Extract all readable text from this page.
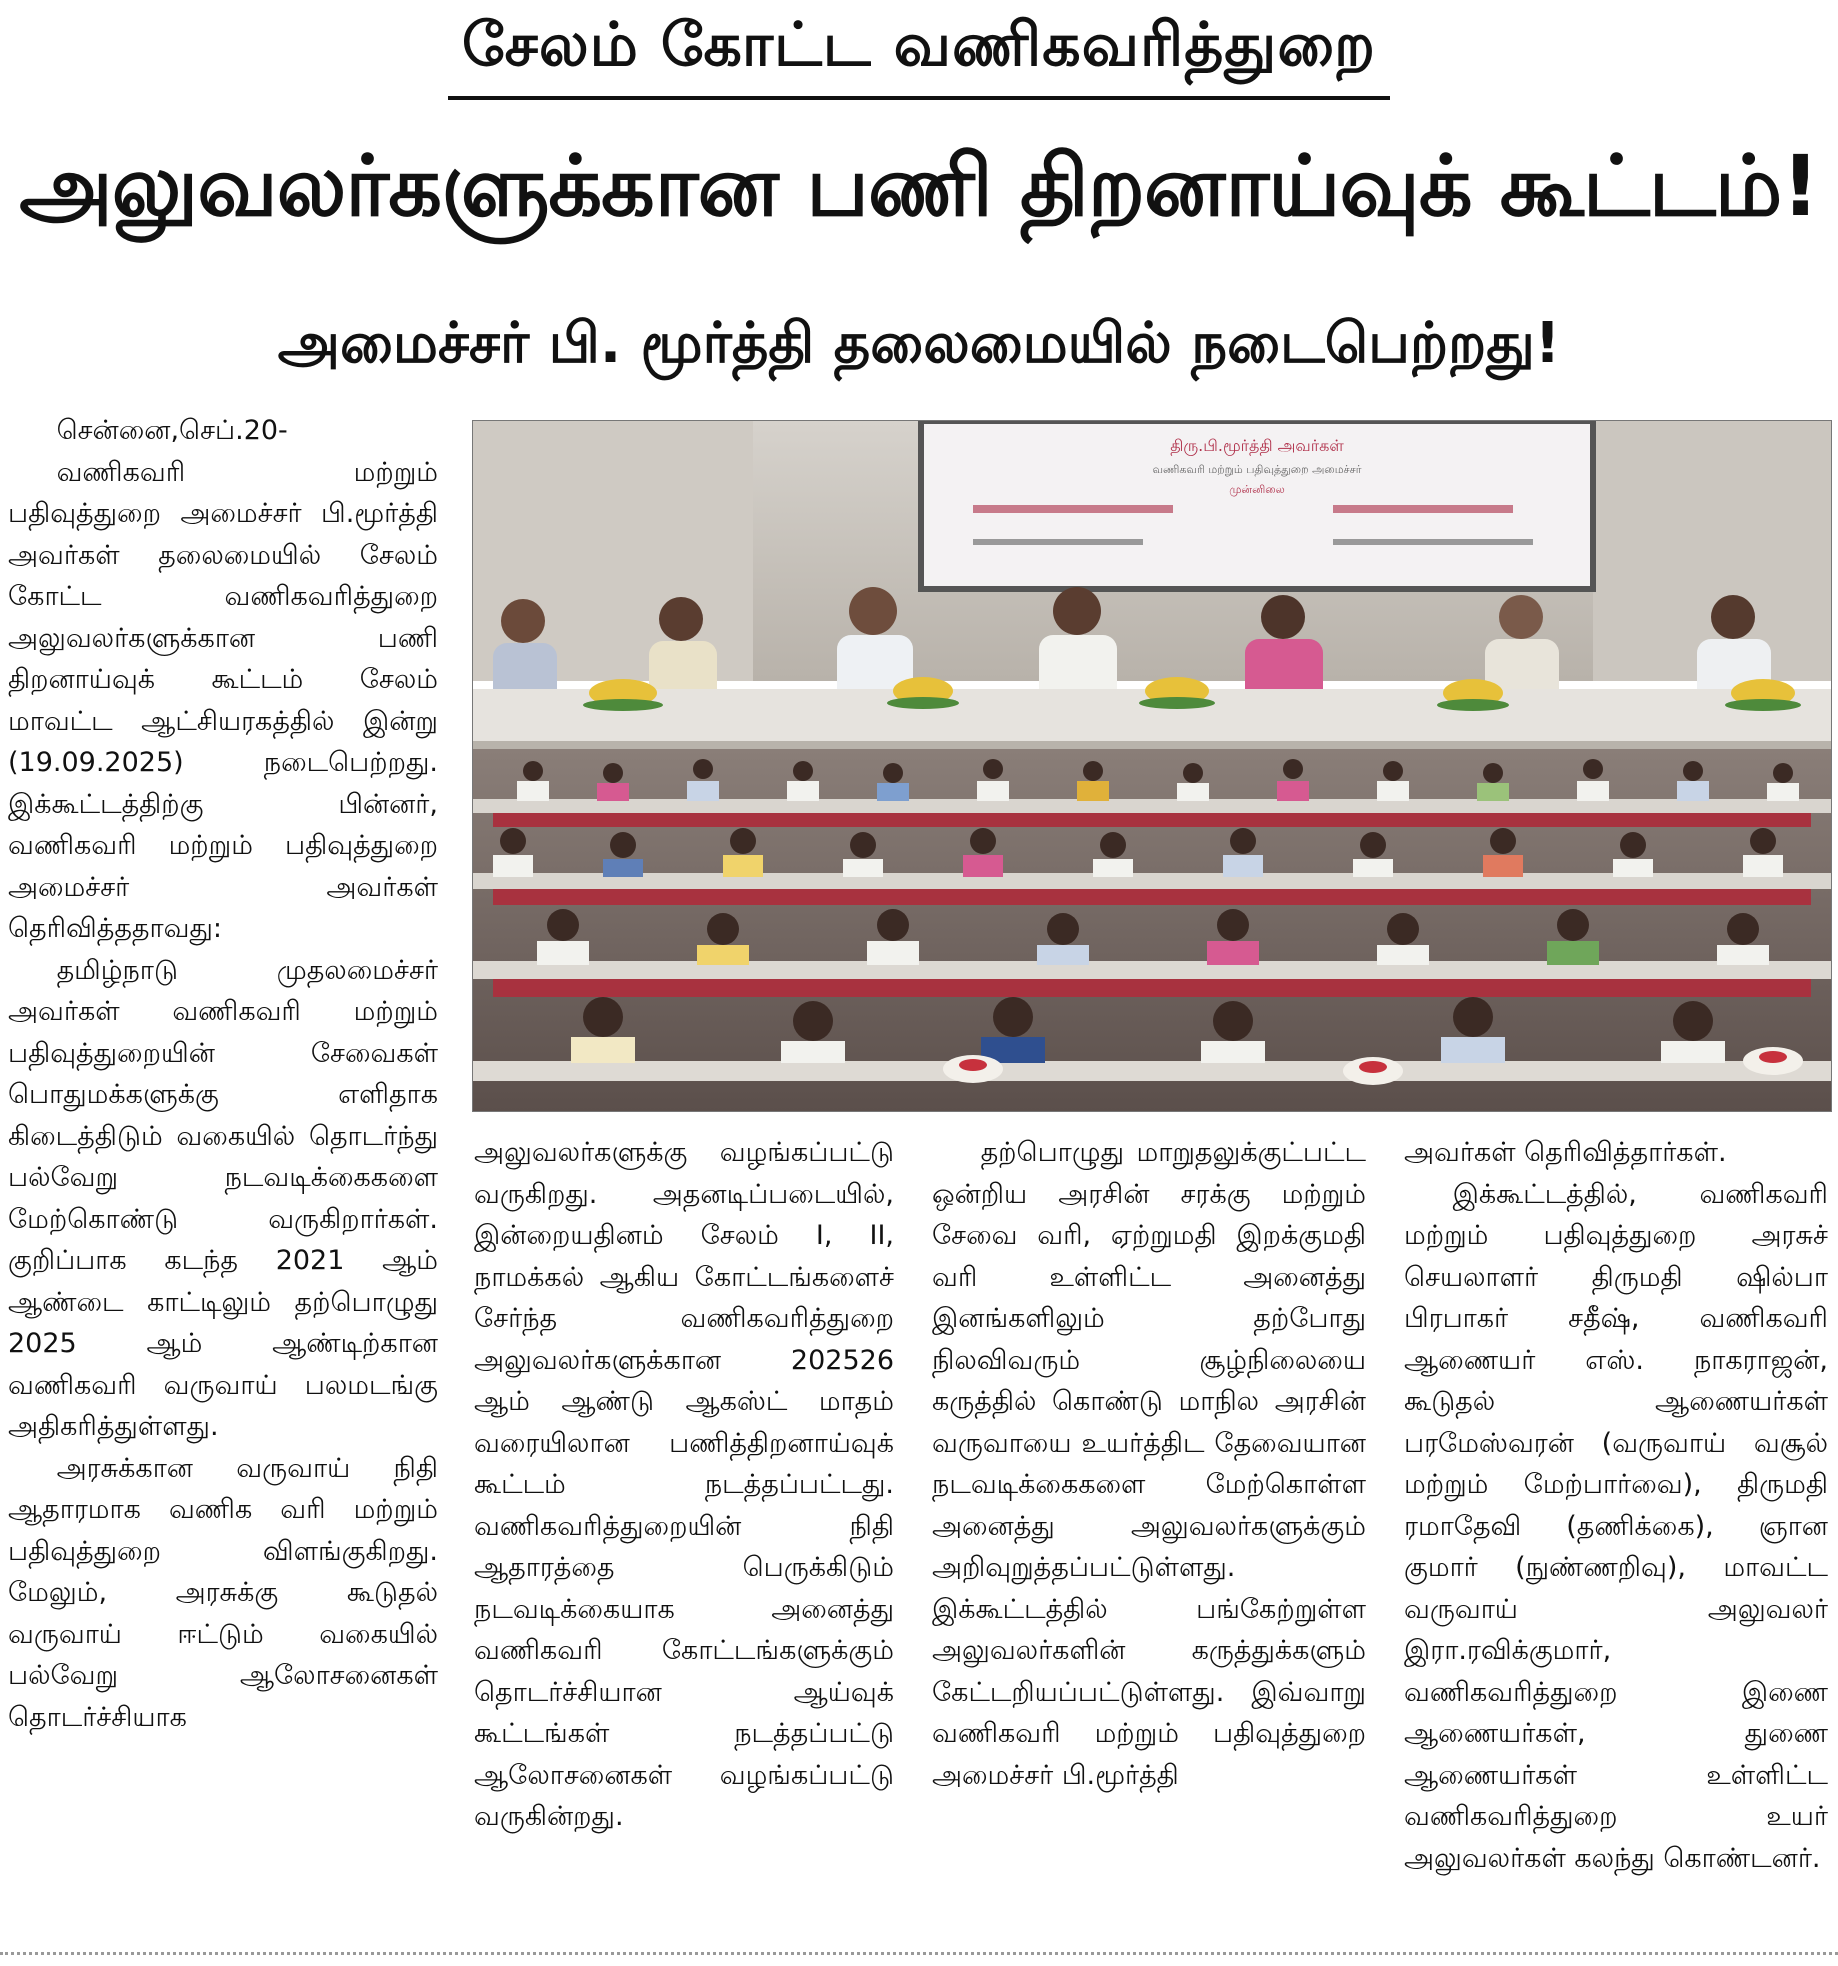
சேலம் கோட்ட வணிகவரித்துறை
அலுவலர்களுக்கான பணி திறனாய்வுக் கூட்டம்!
அமைச்சர் பி. மூர்த்தி தலைமையில் நடைபெற்றது!

சென்னை,செப்.20-

வணிகவரி மற்றும் பதிவுத்துறை அமைச்சர் பி.மூர்த்தி அவர்கள் தலைமையில் சேலம் கோட்ட வணிகவரித்துறை அலுவலர்களுக்கான பணி திறனாய்வுக் கூட்டம் சேலம் மாவட்ட ஆட்சியரகத்தில் இன்று (19.09.2025) நடைபெற்றது. இக்கூட்டத்திற்கு பின்னர், வணிகவரி மற்றும் பதிவுத்துறை அமைச்சர் அவர்கள் தெரிவித்ததாவது:

தமிழ்நாடு முதலமைச்சர் அவர்கள் வணிகவரி மற்றும் பதிவுத்துறையின் சேவைகள் பொதுமக்களுக்கு எளிதாக கிடைத்திடும் வகையில் தொடர்ந்து பல்வேறு நடவடிக்கைகளை மேற்கொண்டு வருகிறார்கள். குறிப்பாக கடந்த 2021 ஆம் ஆண்டை காட்டிலும் தற்பொழுது 2025 ஆம் ஆண்டிற்கான வணிகவரி வருவாய் பலமடங்கு அதிகரித்துள்ளது.

அரசுக்கான வருவாய் நிதி ஆதாரமாக வணிக வரி மற்றும் பதிவுத்துறை விளங்குகிறது. மேலும், அரசுக்கு கூடுதல் வருவாய் ஈட்டும் வகையில் பல்வேறு ஆலோசனைகள் தொடர்ச்சியாக

திரு.பி.மூர்த்தி அவர்கள்
வணிகவரி மற்றும் பதிவுத்துறை அமைச்சர்
முன்னிலை

அலுவலர்களுக்கு வழங்கப்பட்டு வருகிறது. அதனடிப்படையில், இன்றையதினம் சேலம் I, II, நாமக்கல் ஆகிய கோட்டங்களைச் சேர்ந்த வணிகவரித்துறை அலுவலர்களுக்கான 202526 ஆம் ஆண்டு ஆகஸ்ட் மாதம் வரையிலான பணித்திறனாய்வுக் கூட்டம் நடத்தப்பட்டது. வணிகவரித்துறையின் நிதி ஆதாரத்தை பெருக்கிடும் நடவடிக்கையாக அனைத்து வணிகவரி கோட்டங்களுக்கும் தொடர்ச்சியான ஆய்வுக் கூட்டங்கள் நடத்தப்பட்டு ஆலோசனைகள் வழங்கப்பட்டு வருகின்றது.

தற்பொழுது மாறுதலுக்குட்பட்ட ஒன்றிய அரசின் சரக்கு மற்றும் சேவை வரி, ஏற்றுமதி இறக்குமதி வரி உள்ளிட்ட அனைத்து இனங்களிலும் தற்போது நிலவிவரும் சூழ்நிலையை கருத்தில் கொண்டு மாநில அரசின் வருவாயை உயர்த்திட தேவையான நடவடிக்கைகளை மேற்கொள்ள அனைத்து அலுவலர்களுக்கும் அறிவுறுத்தப்பட்டுள்ளது. இக்கூட்டத்தில் பங்கேற்றுள்ள அலுவலர்களின் கருத்துக்களும் கேட்டறியப்பட்டுள்ளது. இவ்வாறு வணிகவரி மற்றும் பதிவுத்துறை அமைச்சர் பி.மூர்த்தி

அவர்கள் தெரிவித்தார்கள்.

இக்கூட்டத்தில், வணிகவரி மற்றும் பதிவுத்துறை அரசுச் செயலாளர் திருமதி ஷில்பா பிரபாகர் சதீஷ், வணிகவரி ஆணையர் எஸ். நாகராஜன், கூடுதல் ஆணையர்கள் பரமேஸ்வரன் (வருவாய் வசூல் மற்றும் மேற்பார்வை), திருமதி ரமாதேவி (தணிக்கை), ஞான குமார் (நுண்ணறிவு), மாவட்ட வருவாய் அலுவலர் இரா.ரவிக்குமார், வணிகவரித்துறை இணை ஆணையர்கள், துணை ஆணையர்கள் உள்ளிட்ட வணிகவரித்துறை உயர் அலுவலர்கள் கலந்து கொண்டனர்.
